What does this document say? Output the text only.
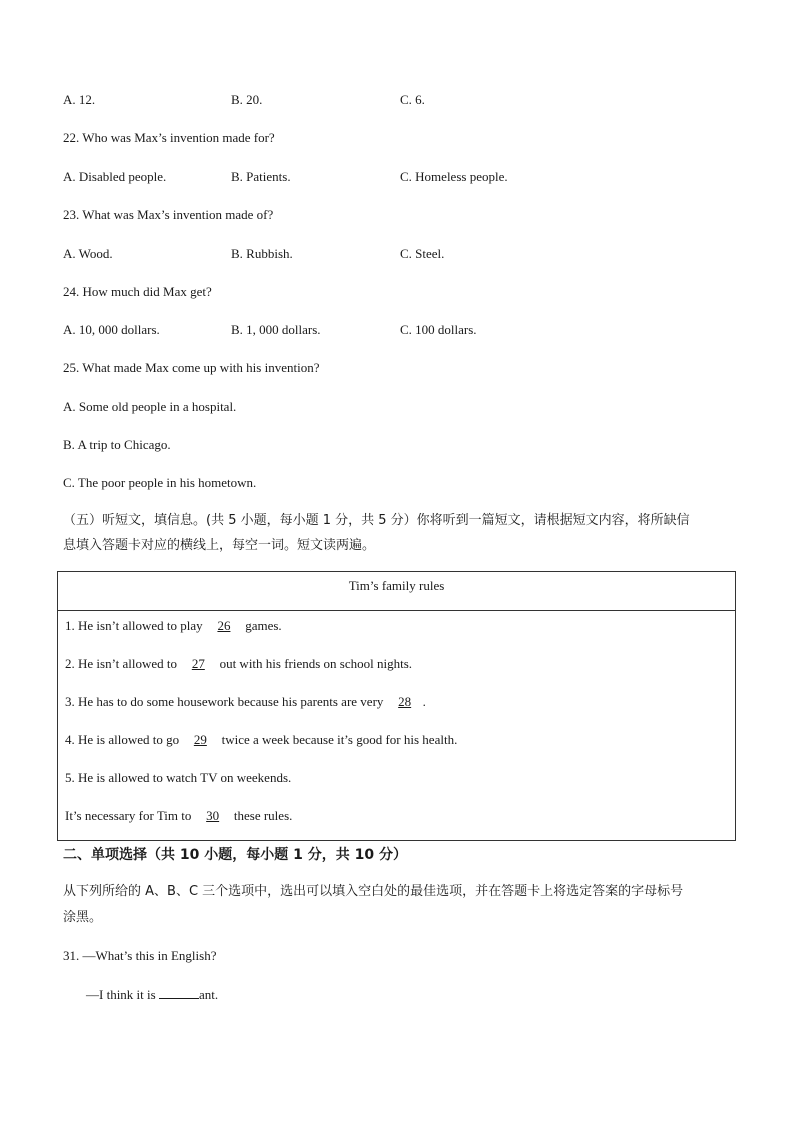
A. 12.	B. 20.	C. 6.
22. Who was Max’s invention made for?
A. Disabled people.	B. Patients.	C. Homeless people.
23. What was Max’s invention made of?
A. Wood.	B. Rubbish.	C. Steel.
24. How much did Max get?
A. 10, 000 dollars.	B. 1, 000 dollars.	C. 100 dollars.
25. What made Max come up with his invention?
A. Some old people in a hospital.
B. A trip to Chicago.
C. The poor people in his hometown.
（五）听短文，填信息。(共 5 小题，每小题 1 分，共 5 分）你将听到一篇短文，请根据短文内容，将所缺信
息填入答题卡对应的横线上，每空一词。短文读两遍。
Tim’s family rules
1. He isn’t allowed to play 26 games.
2. He isn’t allowed to 27 out with his friends on school nights.
3. He has to do some housework because his parents are very 28 .
4. He is allowed to go 29 twice a week because it’s good for his health.
5. He is allowed to watch TV on weekends.
It’s necessary for Tim to 30 these rules.
二、单项选择（共 10 小题，每小题 1 分，共 10 分）
从下列所给的 A、B、C 三个选项中，选出可以填入空白处的最佳选项，并在答题卡上将选定答案的字母标号
涂黑。
31. —What’s this in English?
—I think it is	ant.
